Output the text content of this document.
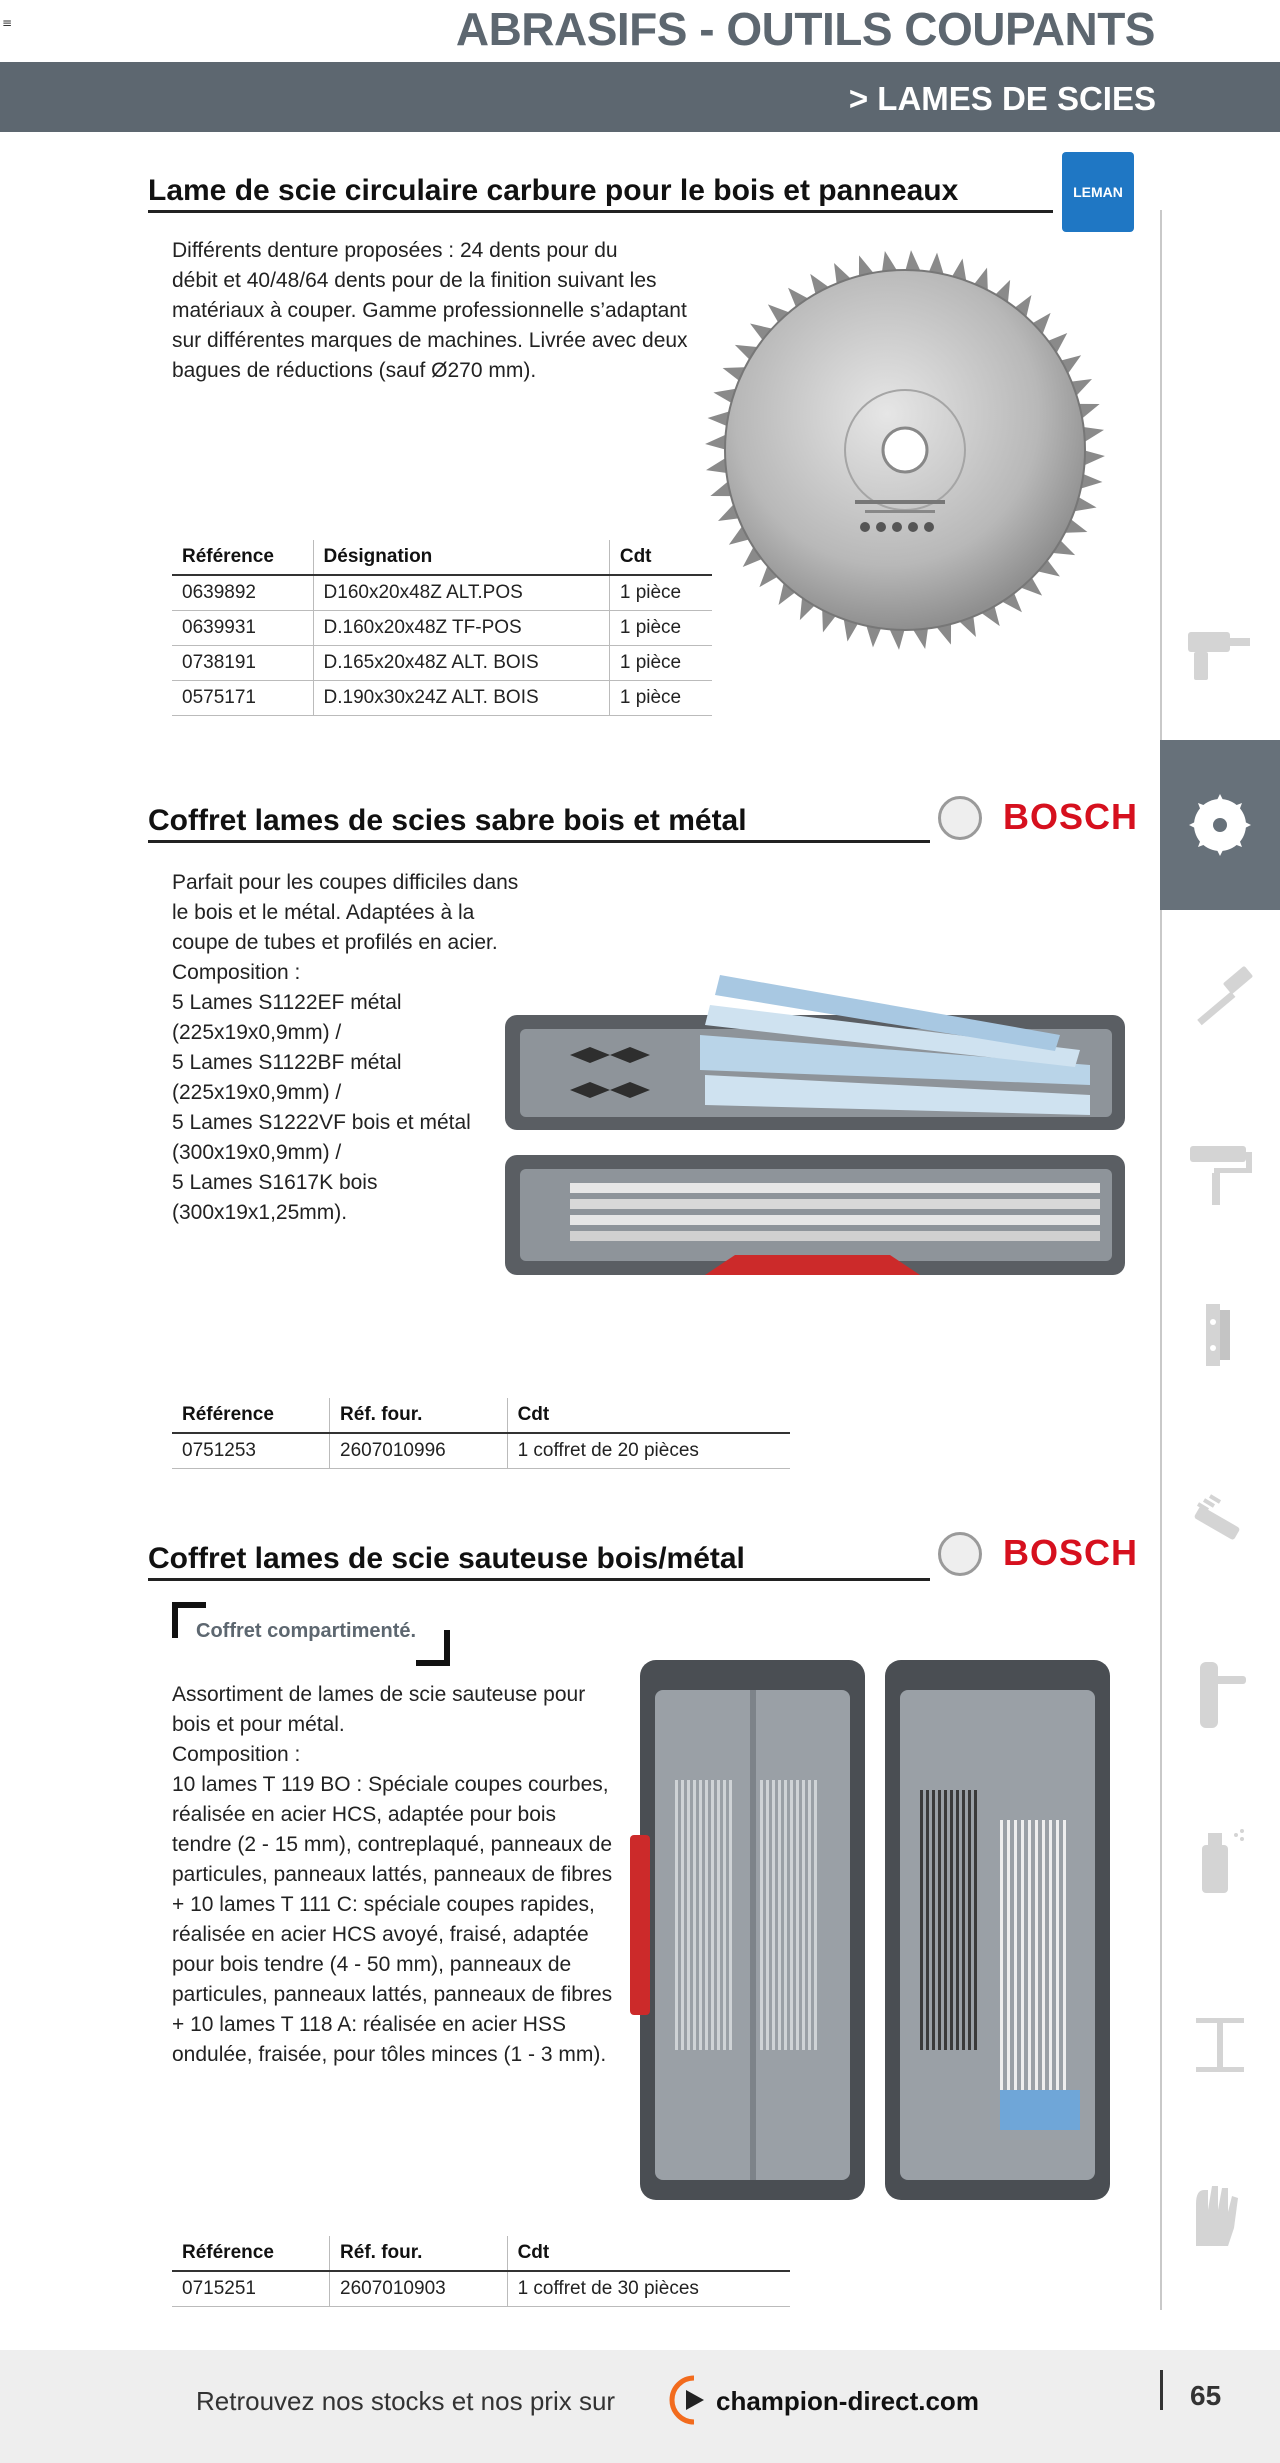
≡	ABRASIFS - OUTILS COUPANTS
> LAMES DE SCIES
Lame de scie circulaire carbure pour le bois et panneaux	LEMAN
Différents denture proposées : 24 dents pour du
débit et 40/48/64 dents pour de la finition suivant les
matériaux à couper. Gamme professionnelle s’adaptant
sur différentes marques de machines. Livrée avec deux
bagues de réductions (sauf Ø270 mm).
Référence	Désignation	Cdt
0639892	D160x20x48Z ALT.POS	1 pièce
0639931	D.160x20x48Z TF-POS	1 pièce
0738191	D.165x20x48Z ALT. BOIS	1 pièce
0575171	D.190x30x24Z ALT. BOIS	1 pièce
Coffret lames de scies sabre bois et métal	BOSCH
Parfait pour les coupes difficiles dans
le bois et le métal. Adaptées à la
coupe de tubes et profilés en acier.
Composition :
5 Lames S1122EF métal
(225x19x0,9mm) /
5 Lames S1122BF métal
(225x19x0,9mm) /
5 Lames S1222VF bois et métal
(300x19x0,9mm) /
5 Lames S1617K bois
(300x19x1,25mm).
Référence	Réf. four.	Cdt
0751253	2607010996	1 coffret de 20 pièces
Coffret lames de scie sauteuse bois/métal	BOSCH
Coffret compartimenté.
Assortiment de lames de scie sauteuse pour
bois et pour métal.
Composition :
10 lames T 119 BO : Spéciale coupes courbes,
réalisée en acier HCS, adaptée pour bois
tendre (2 - 15 mm), contreplaqué, panneaux de
particules, panneaux lattés, panneaux de fibres
+ 10 lames T 111 C: spéciale coupes rapides,
réalisée en acier HCS avoyé, fraisé, adaptée
pour bois tendre (4 - 50 mm), panneaux de
particules, panneaux lattés, panneaux de fibres
+ 10 lames T 118 A: réalisée en acier HSS
ondulée, fraisée, pour tôles minces (1 - 3 mm).
Référence	Réf. four.	Cdt
0715251	2607010903	1 coffret de 30 pièces
Retrouvez nos stocks et nos prix sur	champion-direct.com	65
